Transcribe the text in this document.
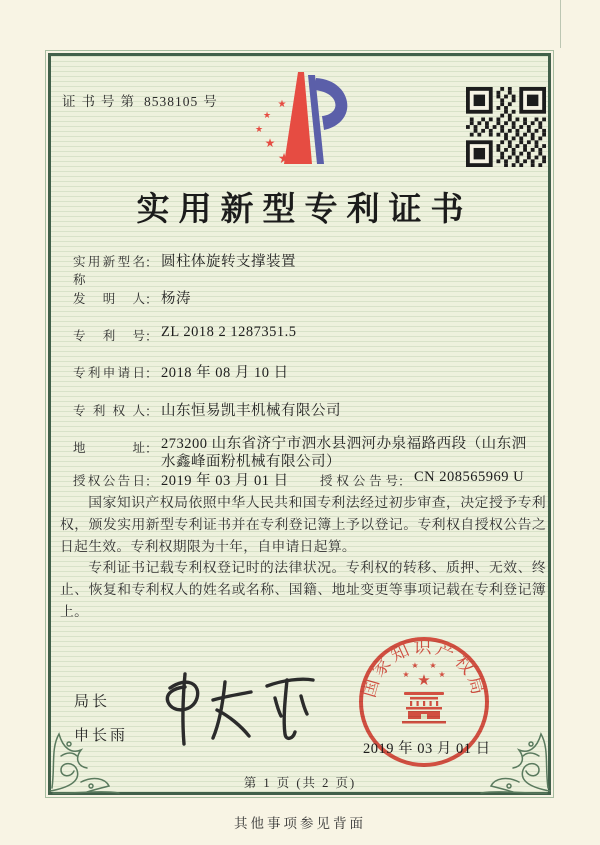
证书号第 8538105 号	★
★
★
★
★
实用新型专利证书
实用新型名称
： 圆柱体旋转支撑装置
发明人 ： 杨涛
专利号 ： ZL 2018 2 1287351.5
专利申请日 ： 2018 年 08 月 10 日
专利权人 ： 山东恒易凯丰机械有限公司
地址 ： 273200 山东省济宁市泗水县泗河办泉福路西段（山东泗水鑫峰面粉机械有限公司）
授权公告日 ： 2019 年 03 月 01 日	授权公告号 ： CN 208565969 U

国家知识产权局依照中华人民共和国专利法经过初步审查，决定授予专利权，颁发实用新型专利证书并在专利登记簿上予以登记。专利权自授权公告之日起生效。专利权期限为十年，自申请日起算。

专利证书记载专利权登记时的法律状况。专利权的转移、质押、无效、终止、恢复和专利权人的姓名或名称、国籍、地址变更等事项记载在专利登记簿上。

局长
申长雨
国家知识产权局
★
★
★ ★
★
2019 年 03 月 01 日
第 1 页 (共 2 页)
其他事项参见背面
